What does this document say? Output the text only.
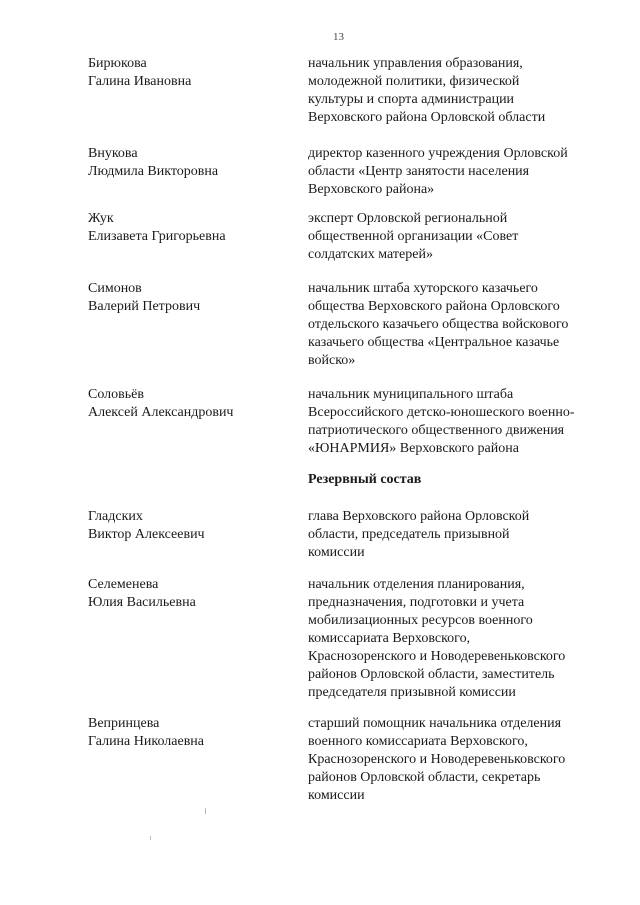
13
Бирюкова
Галина Ивановна
начальник управления образования,
молодежной политики, физической
культуры и спорта администрации
Верховского района Орловской области
Внукова
Людмила Викторовна
директор казенного учреждения Орловской
области «Центр занятости населения
Верховского района»
Жук
Елизавета Григорьевна
эксперт Орловской региональной
общественной организации «Совет
солдатских матерей»
Симонов
Валерий Петрович
начальник штаба хуторского казачьего
общества Верховского района Орловского
отдельского казачьего общества войскового
казачьего общества «Центральное казачье
войско»
Соловьёв
Алексей Александрович
начальник муниципального штаба
Всероссийского детско-юношеского военно-
патриотического общественного движения
«ЮНАРМИЯ» Верховского района
Резервный состав
Гладских
Виктор Алексеевич
глава Верховского района Орловской
области, председатель призывной
комиссии
Селеменева
Юлия Васильевна
начальник отделения планирования,
предназначения, подготовки и учета
мобилизационных ресурсов военного
комиссариата Верховского,
Краснозоренского и Новодеревеньковского
районов Орловской области, заместитель
председателя призывной комиссии
Вепринцева
Галина Николаевна
старший помощник начальника отделения
военного комиссариата Верховского,
Краснозоренского и Новодеревеньковского
районов Орловской области, секретарь
комиссии
